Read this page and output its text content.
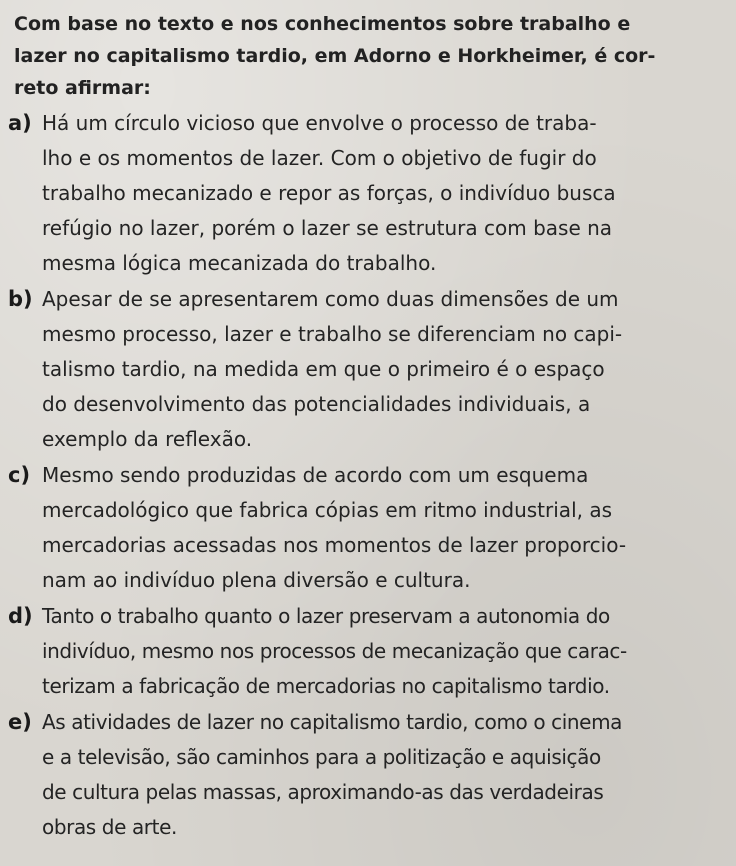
Com base no texto e nos conhecimentos sobre trabalho e
lazer no capitalismo tardio, em Adorno e Horkheimer, é cor-
reto afirmar:
a) Há um círculo vicioso que envolve o processo de traba-
lho e os momentos de lazer. Com o objetivo de fugir do
trabalho mecanizado e repor as forças, o indivíduo busca
refúgio no lazer, porém o lazer se estrutura com base na
mesma lógica mecanizada do trabalho.
b) Apesar de se apresentarem como duas dimensões de um
mesmo processo, lazer e trabalho se diferenciam no capi-
talismo tardio, na medida em que o primeiro é o espaço
do desenvolvimento das potencialidades individuais, a
exemplo da reflexão.
c) Mesmo sendo produzidas de acordo com um esquema
mercadológico que fabrica cópias em ritmo industrial, as
mercadorias acessadas nos momentos de lazer proporcio-
nam ao indivíduo plena diversão e cultura.
d) Tanto o trabalho quanto o lazer preservam a autonomia do
indivíduo, mesmo nos processos de mecanização que carac-
terizam a fabricação de mercadorias no capitalismo tardio.
e) As atividades de lazer no capitalismo tardio, como o cinema
e a televisão, são caminhos para a politização e aquisição
de cultura pelas massas, aproximando-as das verdadeiras
obras de arte.
